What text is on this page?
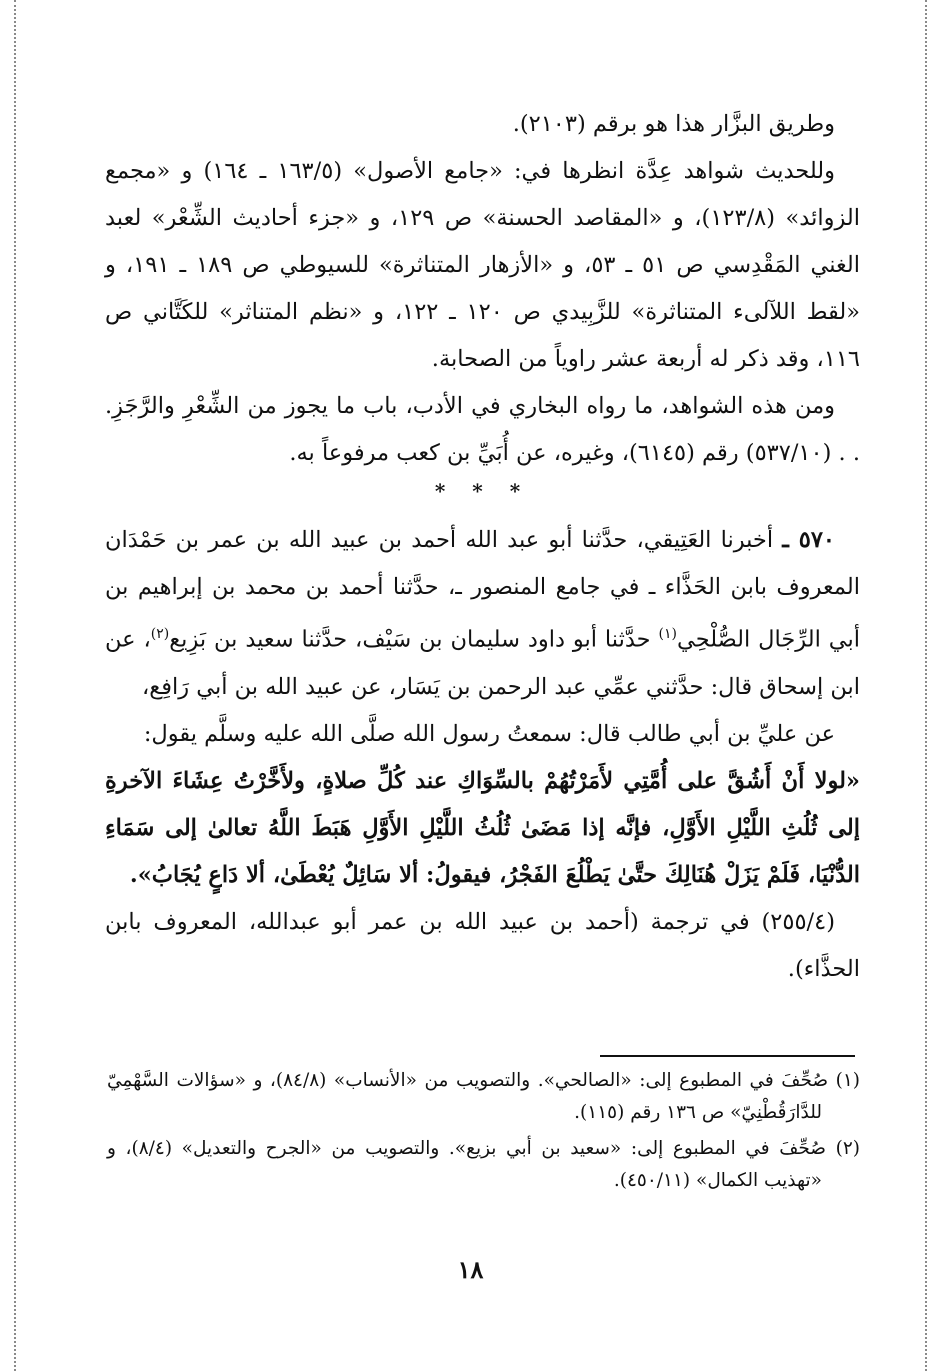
وطريق البزَّار هذا هو برقم (٢١٠٣).

وللحديث شواهد عِدَّة انظرها في: «جامع الأصول» (١٦٣/٥ ـ ١٦٤) و «مجمع الزوائد» (١٢٣/٨)، و «المقاصد الحسنة» ص ١٢٩، و «جزء أحاديث الشِّعْر» لعبد الغني المَقْدِسي ص ٥١ ـ ٥٣، و «الأزهار المتناثرة» للسيوطي ص ١٨٩ ـ ١٩١، و «لقط اللآلىء المتناثرة» للزَّبِيدي ص ١٢٠ ـ ١٢٢، و «نظم المتناثر» للكَتَّاني ص ١١٦، وقد ذكر له أربعة عشر راوياً من الصحابة.

ومن هذه الشواهد، ما رواه البخاري في الأدب، باب ما يجوز من الشِّعْرِ والرَّجَزِ. . . (٥٣٧/١٠) رقم (٦١٤٥)، وغيره، عن أُبَيِّ بن كعب مرفوعاً به.

* * *

٥٧٠ ـ أخبرنا العَتِيقي، حدَّثنا أبو عبد الله أحمد بن عبيد الله بن عمر بن حَمْدَان المعروف بابن الحَذَّاء ـ في جامع المنصور ـ، حدَّثنا أحمد بن محمد بن إبراهيم بن أبي الرِّجَال الصُّلْحِي$^{(١)}$ حدَّثنا أبو داود سليمان بن سَيْف، حدَّثنا سعيد بن بَزِيع$^{(٢)}$، عن ابن إسحاق قال: حدَّثني عمِّي عبد الرحمن بن يَسَار، عن عبيد الله بن أبي رَافِع،

عن عليِّ بن أبي طالب قال: سمعتُ رسول الله صلَّى الله عليه وسلَّم يقول:

«لولا أَنْ أَشُقَّ على أُمَّتِي لأَمَرْتُهُمْ بالسِّوَاكِ عند كُلِّ صلاةٍ، ولأَخَّرْتُ عِشَاءَ الآخرةِ إلى ثُلُثِ اللَّيْلِ الأَوَّلِ، فإنَّه إذا مَضَىٰ ثُلُثُ اللَّيْلِ الأَوَّلِ هَبَطَ اللَّهُ تعالىٰ إلى سَمَاءِ الدُّنْيَا، فَلَمْ يَزَلْ هُنَالِكَ حتَّىٰ يَطْلُعَ الفَجْرُ، فيقولُ: ألا سَائِلٌ يُعْطَىٰ، ألا دَاعٍ يُجَابُ».

(٢٥٥/٤) في ترجمة (أحمد بن عبيد الله بن عمر أبو عبدالله، المعروف بابن الحذَّاء).

(١) صُحِّفَ في المطبوع إلى: «الصالحي». والتصويب من «الأنساب» (٨٤/٨)، و «سؤالات السَّهْمِيّ للدَّارَقُطْنِيّ» ص ١٣٦ رقم (١١٥).

(٢) صُحِّفَ في المطبوع إلى: «سعيد بن أبي بزيع». والتصويب من «الجرح والتعديل» (٨/٤)، و «تهذيب الكمال» (٤٥٠/١١).

١٨
